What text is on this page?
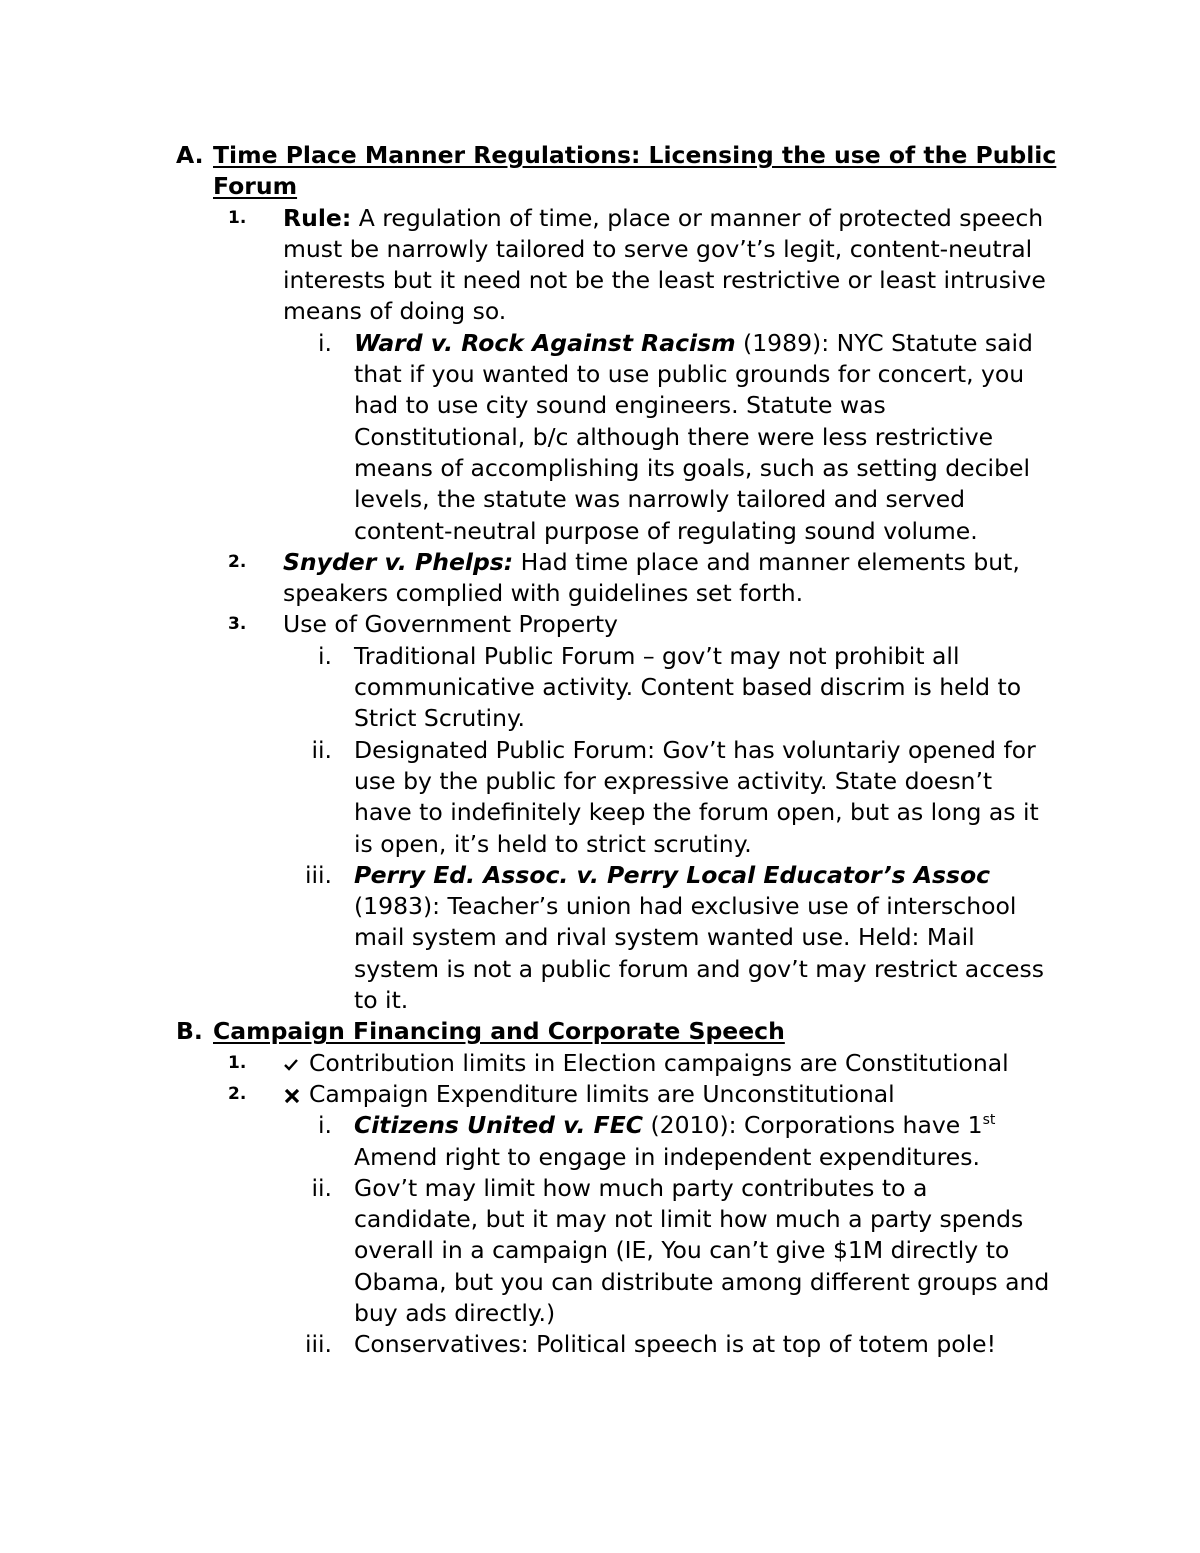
A. Time Place Manner Regulations: Licensing the use of the Public
Forum
1. Rule: A regulation of time, place or manner of protected speech
must be narrowly tailored to serve gov’t’s legit, content-neutral
interests but it need not be the least restrictive or least intrusive
means of doing so.
i. Ward v. Rock Against Racism (1989): NYC Statute said
that if you wanted to use public grounds for concert, you
had to use city sound engineers. Statute was
Constitutional, b/c although there were less restrictive
means of accomplishing its goals, such as setting decibel
levels, the statute was narrowly tailored and served
content-neutral purpose of regulating sound volume.
2. Snyder v. Phelps: Had time place and manner elements but,
speakers complied with guidelines set forth.
3. Use of Government Property
i. Traditional Public Forum – gov’t may not prohibit all
communicative activity. Content based discrim is held to
Strict Scrutiny.
ii. Designated Public Forum: Gov’t has voluntariy opened for
use by the public for expressive activity. State doesn’t
have to indefinitely keep the forum open, but as long as it
is open, it’s held to strict scrutiny.
iii. Perry Ed. Assoc. v. Perry Local Educator’s Assoc
(1983): Teacher’s union had exclusive use of interschool
mail system and rival system wanted use. Held: Mail
system is not a public forum and gov’t may restrict access
to it.
B. Campaign Financing and Corporate Speech
1.	Contribution limits in Election campaigns are Constitutional
2.	Campaign Expenditure limits are Unconstitutional
i. Citizens United v. FEC (2010): Corporations have 1st
Amend right to engage in independent expenditures.
ii. Gov’t may limit how much party contributes to a
candidate, but it may not limit how much a party spends
overall in a campaign (IE, You can’t give $1M directly to
Obama, but you can distribute among different groups and
buy ads directly.)
iii. Conservatives: Political speech is at top of totem pole!
